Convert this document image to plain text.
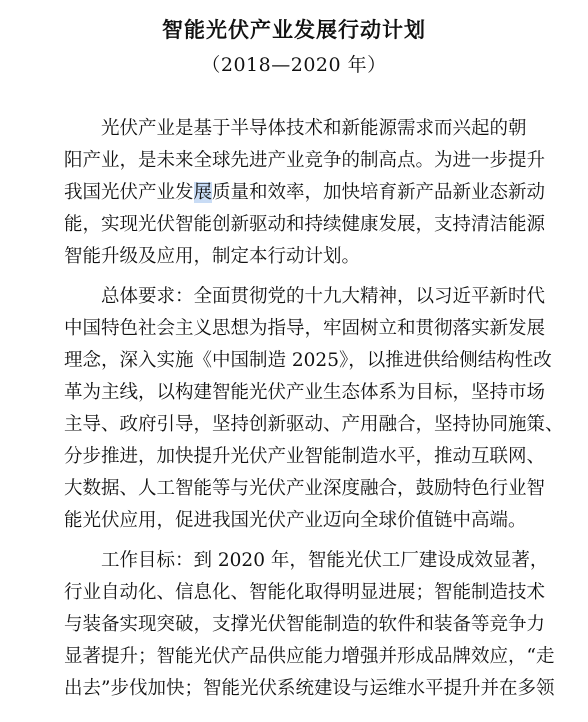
智能光伏产业发展行动计划
（2018—2020 年）
光伏产业是基于半导体技术和新能源需求而兴起的朝
阳产业，是未来全球先进产业竞争的制高点。为进一步提升
我国光伏产业发展质量和效率，加快培育新产品新业态新动
能，实现光伏智能创新驱动和持续健康发展，支持清洁能源
智能升级及应用，制定本行动计划。
总体要求：全面贯彻党的十九大精神，以习近平新时代
中国特色社会主义思想为指导，牢固树立和贯彻落实新发展
理念，深入实施《中国制造 2025》，以推进供给侧结构性改
革为主线，以构建智能光伏产业生态体系为目标，坚持市场
主导、政府引导，坚持创新驱动、产用融合，坚持协同施策、
分步推进，加快提升光伏产业智能制造水平，推动互联网、
大数据、人工智能等与光伏产业深度融合，鼓励特色行业智
能光伏应用，促进我国光伏产业迈向全球价值链中高端。
工作目标：到 2020 年，智能光伏工厂建设成效显著，
行业自动化、信息化、智能化取得明显进展；智能制造技术
与装备实现突破，支撑光伏智能制造的软件和装备等竞争力
显著提升；智能光伏产品供应能力增强并形成品牌效应，“走
出去”步伐加快；智能光伏系统建设与运维水平提升并在多领
